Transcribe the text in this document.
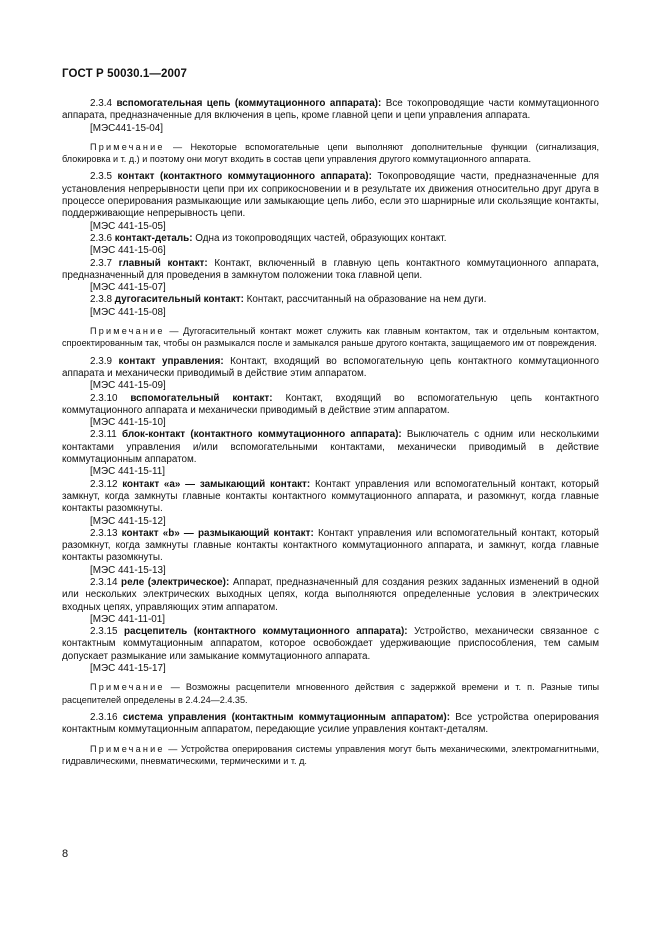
ГОСТ Р 50030.1—2007

2.3.4 вспомогательная цепь (коммутационного аппарата): Все токопроводящие части коммутационного аппарата, предназначенные для включения в цепь, кроме главной цепи и цепи управления аппарата.

[МЭС441-15-04]

Примечание — Некоторые вспомогательные цепи выполняют дополнительные функции (сигнализация, блокировка и т. д.) и поэтому они могут входить в состав цепи управления другого коммутационного аппарата.

2.3.5 контакт (контактного коммутационного аппарата): Токопроводящие части, предназначенные для установления непрерывности цепи при их соприкосновении и в результате их движения относительно друг друга в процессе оперирования размыкающие или замыкающие цепь либо, если это шарнирные или скользящие контакты, поддерживающие непрерывность цепи.

[МЭС 441-15-05]

2.3.6 контакт-деталь: Одна из токопроводящих частей, образующих контакт.

[МЭС 441-15-06]

2.3.7 главный контакт: Контакт, включенный в главную цепь контактного коммутационного аппарата, предназначенный для проведения в замкнутом положении тока главной цепи.

[МЭС 441-15-07]

2.3.8 дугогасительный контакт: Контакт, рассчитанный на образование на нем дуги.

[МЭС 441-15-08]

Примечание — Дугогасительный контакт может служить как главным контактом, так и отдельным контактом, спроектированным так, чтобы он размыкался после и замыкался раньше другого контакта, защищаемого им от повреждения.

2.3.9 контакт управления: Контакт, входящий во вспомогательную цепь контактного коммутационного аппарата и механически приводимый в действие этим аппаратом.

[МЭС 441-15-09]

2.3.10 вспомогательный контакт: Контакт, входящий во вспомогательную цепь контактного коммутационного аппарата и механически приводимый в действие этим аппаратом.

[МЭС 441-15-10]

2.3.11 блок-контакт (контактного коммутационного аппарата): Выключатель с одним или несколькими контактами управления и/или вспомогательными контактами, механически приводимый в действие коммутационным аппаратом.

[МЭС 441-15-11]

2.3.12 контакт «а» — замыкающий контакт: Контакт управления или вспомогательный контакт, который замкнут, когда замкнуты главные контакты контактного коммутационного аппарата, и разомкнут, когда главные контакты разомкнуты.

[МЭС 441-15-12]

2.3.13 контакт «b» — размыкающий контакт: Контакт управления или вспомогательный контакт, который разомкнут, когда замкнуты главные контакты контактного коммутационного аппарата, и замкнут, когда главные контакты разомкнуты.

[МЭС 441-15-13]

2.3.14 реле (электрическое): Аппарат, предназначенный для создания резких заданных изменений в одной или нескольких электрических выходных цепях, когда выполняются определенные условия в электрических входных цепях, управляющих этим аппаратом.

[МЭС 441-11-01]

2.3.15 расцепитель (контактного коммутационного аппарата): Устройство, механически связанное с контактным коммутационным аппаратом, которое освобождает удерживающие приспособления, тем самым допускает размыкание или замыкание коммутационного аппарата.

[МЭС 441-15-17]

Примечание — Возможны расцепители мгновенного действия с задержкой времени и т. п. Разные типы расцепителей определены в 2.4.24—2.4.35.

2.3.16 система управления (контактным коммутационным аппаратом): Все устройства оперирования контактным коммутационным аппаратом, передающие усилие управления контакт-деталям.

Примечание — Устройства оперирования системы управления могут быть механическими, электромагнитными, гидравлическими, пневматическими, термическими и т. д.

8
